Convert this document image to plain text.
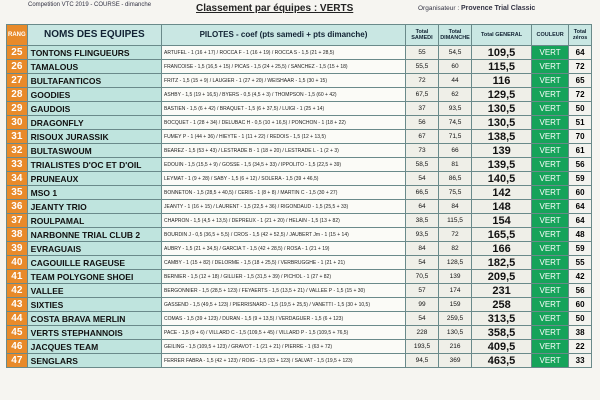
Competition VTC 2019 - COURSE - dimanche	Classement par équipes : VERTS	Organisateur : Provence Trial Classic
RANG	NOMS DES EQUIPES	PILOTES - coef (pts samedi + pts dimanche)	Total SAMEDI	Total DIMANCHE	Total GENERAL	COULEUR	Total zéros
25	TONTONS FLINGUEURS	ARTUFEL - 1 (16 + 17) / ROCCA F - 1 (16 + 19) / ROCCA S - 1,5 (21 + 28,5)	55	54,5	109,5	VERT	64
26	TAMALOUS	FRANCOISE - 1,5 (16,5 + 15) / PICAS - 1,5 (24 + 25,5) / SANCHEZ - 1,5 (15 + 18)	55,5	60	115,5	VERT	72
27	BULTAFANTICOS	FRITZ - 1,5 (15 + 9) / LAUGIER - 1 (27 + 20) / WEISHAAR - 1,5 (30 + 15)	72	44	116	VERT	65
28	GOODIES	ASHBY - 1,5 (19 + 16,5) / BYERS - 0,5 (4,5 + 3) / THOMPSON - 1,5 (60 + 42)	67,5	62	129,5	VERT	72
29	GAUDOIS	BASTIEN - 1,5 (6 + 42) / BRAQUET - 1,5 (6 + 37,5) / LUIGI - 1 (25 + 14)	37	93,5	130,5	VERT	50
30	DRAGONFLY	BOCQUET - 1 (28 + 34) / DELUBAC H - 0,5 (10 + 16,5) / PONCHON - 1 (18 + 22)	56	74,5	130,5	VERT	51
31	RISOUX JURASSIK	FUMEY P - 1 (44 + 36) / HIEYTE - 1 (11 + 22) / REDOIS - 1,5 (12 + 13,5)	67	71,5	138,5	VERT	70
32	BULTASWOUM	BEAREZ - 1,5 (53 + 43) / LESTRADE B - 1 (18 + 20) / LESTRADE L - 1 (2 + 3)	73	66	139	VERT	61
33	TRIALISTES D'OC ET D'OIL	EDOUIN - 1,5 (15,5 + 9) / GOSSE - 1,5 (34,5 + 33) / IPPOLITO - 1,5 (22,5 + 39)	58,5	81	139,5	VERT	56
34	PRUNEAUX	LEYMAT - 1 (9 + 28) / SABY - 1,5 (6 + 12) / SOLERA - 1,5 (39 + 46,5)	54	86,5	140,5	VERT	59
35	MSO 1	BONNETON - 1,5 (28,5 + 40,5) / CERIS - 1 (8 + 8) / MARTIN C - 1,5 (30 + 27)	66,5	75,5	142	VERT	60
36	JEANTY TRIO	JEANTY - 1 (16 + 15) / LAURENT - 1,5 (22,5 + 36) / RIGONDAUD - 1,5 (25,5 + 33)	64	84	148	VERT	64
37	ROULPAMAL	CHAPRON - 1,5 (4,5 + 13,5) / DEPREUX - 1 (21 + 20) / HELAIN - 1,5 (13 + 82)	38,5	115,5	154	VERT	64
38	NARBONNE TRIAL CLUB 2	BOURDIN J - 0,5 (36,5 + 5,5) / CROS - 1,5 (42 + 52,5) / JAUBERT Jm - 1 (15 + 14)	93,5	72	165,5	VERT	48
39	EVRAGUAIS	AUBRY - 1,5 (21 + 34,5) / GARCIA T - 1,5 (42 + 28,5) / ROSA - 1 (21 + 19)	84	82	166	VERT	59
40	CAGOUILLE RAGEUSE	CAMBY - 1 (15 + 82) / DELORME - 1,5 (18 + 25,5) / VERBRUGGHE - 1 (21 + 21)	54	128,5	182,5	VERT	55
41	TEAM POLYGONE SHOEI	BERNIER - 1,5 (12 + 18) / GILLIER - 1,5 (31,5 + 39) / PICHOL - 1 (27 + 82)	70,5	139	209,5	VERT	42
42	VALLEE	BERGONNIER - 1,5 (28,5 + 123) / FEYAERTS - 1,5 (13,5 + 21) / VALLEE P - 1,5 (15 + 30)	57	174	231	VERT	56
43	SIXTIES	GASSEND - 1,5 (49,5 + 123) / PIERRISNARD - 1,5 (19,5 + 25,5) / VANETTI - 1,5 (30 + 10,5)	99	159	258	VERT	60
44	COSTA BRAVA MERLIN	COMAS - 1,5 (39 + 123) / DURAN - 1,5 (9 + 13,5) / VERDAGUER - 1,5 (6 + 123)	54	259,5	313,5	VERT	50
45	VERTS STEPHANNOIS	PACE - 1,5 (9 + 6) / VILLARD C - 1,5 (109,5 + 45) / VILLARD P - 1,5 (109,5 + 76,5)	228	130,5	358,5	VERT	38
46	JACQUES TEAM	GEILING - 1,5 (109,5 + 123) / GRAVOT - 1 (21 + 21) / PIERRE - 1 (63 + 72)	193,5	216	409,5	VERT	22
47	SENGLARS	FERRER FABRA - 1,5 (42 + 123) / ROIG - 1,5 (33 + 123) / SALVAT - 1,5 (19,5 + 123)	94,5	369	463,5	VERT	33
